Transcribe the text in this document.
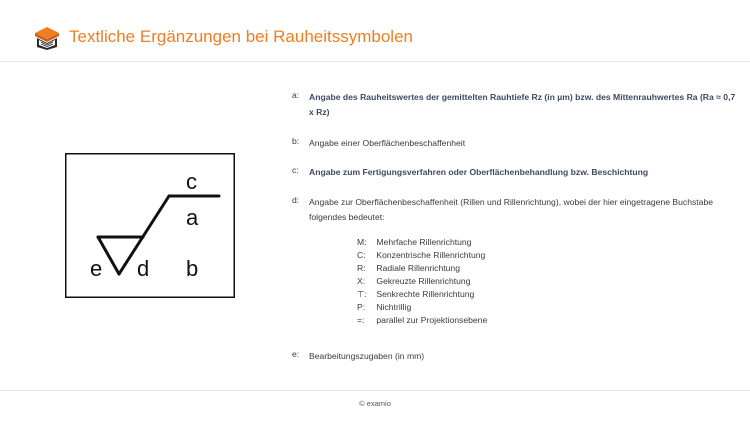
Textliche Ergänzungen bei Rauheitssymbolen
c
a
e d b
a:	Angabe des Rauheitswertes der gemittelten Rauhtiefe Rz (in µm) bzw. des Mittenrauhwertes Ra (Ra ≈ 0,7 x Rz)
b:	Angabe einer Oberflächenbeschaffenheit
c:	Angabe zum Fertigungsverfahren oder Oberflächenbehandlung bzw. Beschichtung
d:	Angabe zur Oberflächenbeschaffenheit (Rillen und Rillenrichtung), wobei der hier eingetragene Buchstabe folgendes bedeutet:
M: Mehrfache Rillenrichtung
C: Konzentrische Rillenrichtung
R: Radiale Rillenrichtung
X: Gekreuzte Rillenrichtung
⊤: Senkrechte Rillenrichtung
P: Nichtrillig
=: parallel zur Projektionsebene
e:	Bearbeitungszugaben (in mm)
© examio
